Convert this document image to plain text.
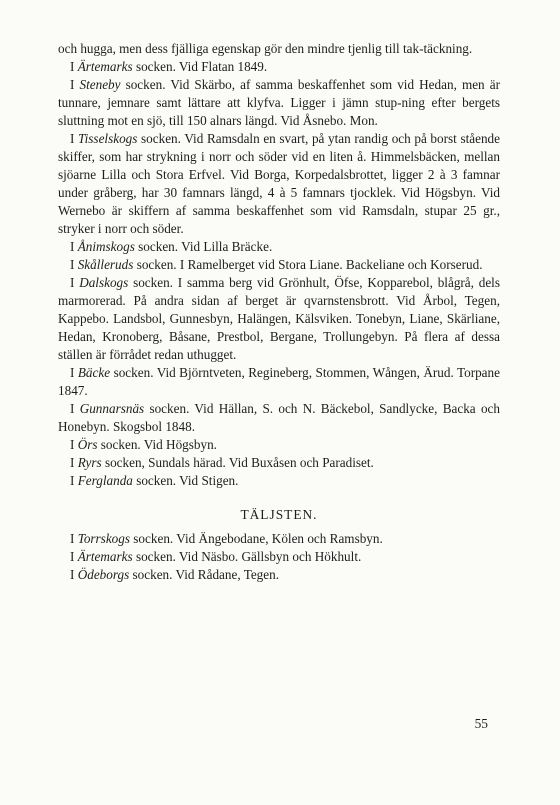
och hugga, men dess fjälliga egenskap gör den mindre tjenlig till tak-täckning.

I Ärtemarks socken. Vid Flatan 1849.

I Steneby socken. Vid Skärbo, af samma beskaffenhet som vid Hedan, men är tunnare, jemnare samt lättare att klyfva. Ligger i jämn stup-ning efter bergets sluttning mot en sjö, till 150 alnars längd. Vid Åsnebo. Mon.

I Tisselskogs socken. Vid Ramsdaln en svart, på ytan randig och på borst stående skiffer, som har strykning i norr och söder vid en liten å. Himmelsbäcken, mellan sjöarne Lilla och Stora Erfvel. Vid Borga, Korpedalsbrottet, ligger 2 à 3 famnar under gråberg, har 30 famnars längd, 4 à 5 famnars tjocklek. Vid Högsbyn. Vid Wernebo är skiffern af samma beskaffenhet som vid Ramsdaln, stupar 25 gr., stryker i norr och söder.

I Ånimskogs socken. Vid Lilla Bräcke.

I Skålleruds socken. I Ramelberget vid Stora Liane. Backeliane och Korserud.

I Dalskogs socken. I samma berg vid Grönhult, Öfse, Kopparebol, blågrå, dels marmorerad. På andra sidan af berget är qvarnstensbrott. Vid Årbol, Tegen, Kappebo. Landsbol, Gunnesbyn, Halängen, Kälsviken. Tonebyn, Liane, Skärliane, Hedan, Kronoberg, Båsane, Prestbol, Bergane, Trollungebyn. På flera af dessa ställen är förrådet redan uthugget.

I Bäcke socken. Vid Björntveten, Regineberg, Stommen, Wången, Ärud. Torpane 1847.

I Gunnarsnäs socken. Vid Hällan, S. och N. Bäckebol, Sandlycke, Backa och Honebyn. Skogsbol 1848.

I Örs socken. Vid Högsbyn.

I Ryrs socken, Sundals härad. Vid Buxåsen och Paradiset.

I Ferglanda socken. Vid Stigen.

TÄLJSTEN.

I Torrskogs socken. Vid Ängebodane, Kölen och Ramsbyn.

I Ärtemarks socken. Vid Näsbo. Gällsbyn och Hökhult.

I Ödeborgs socken. Vid Rådane, Tegen.

55
